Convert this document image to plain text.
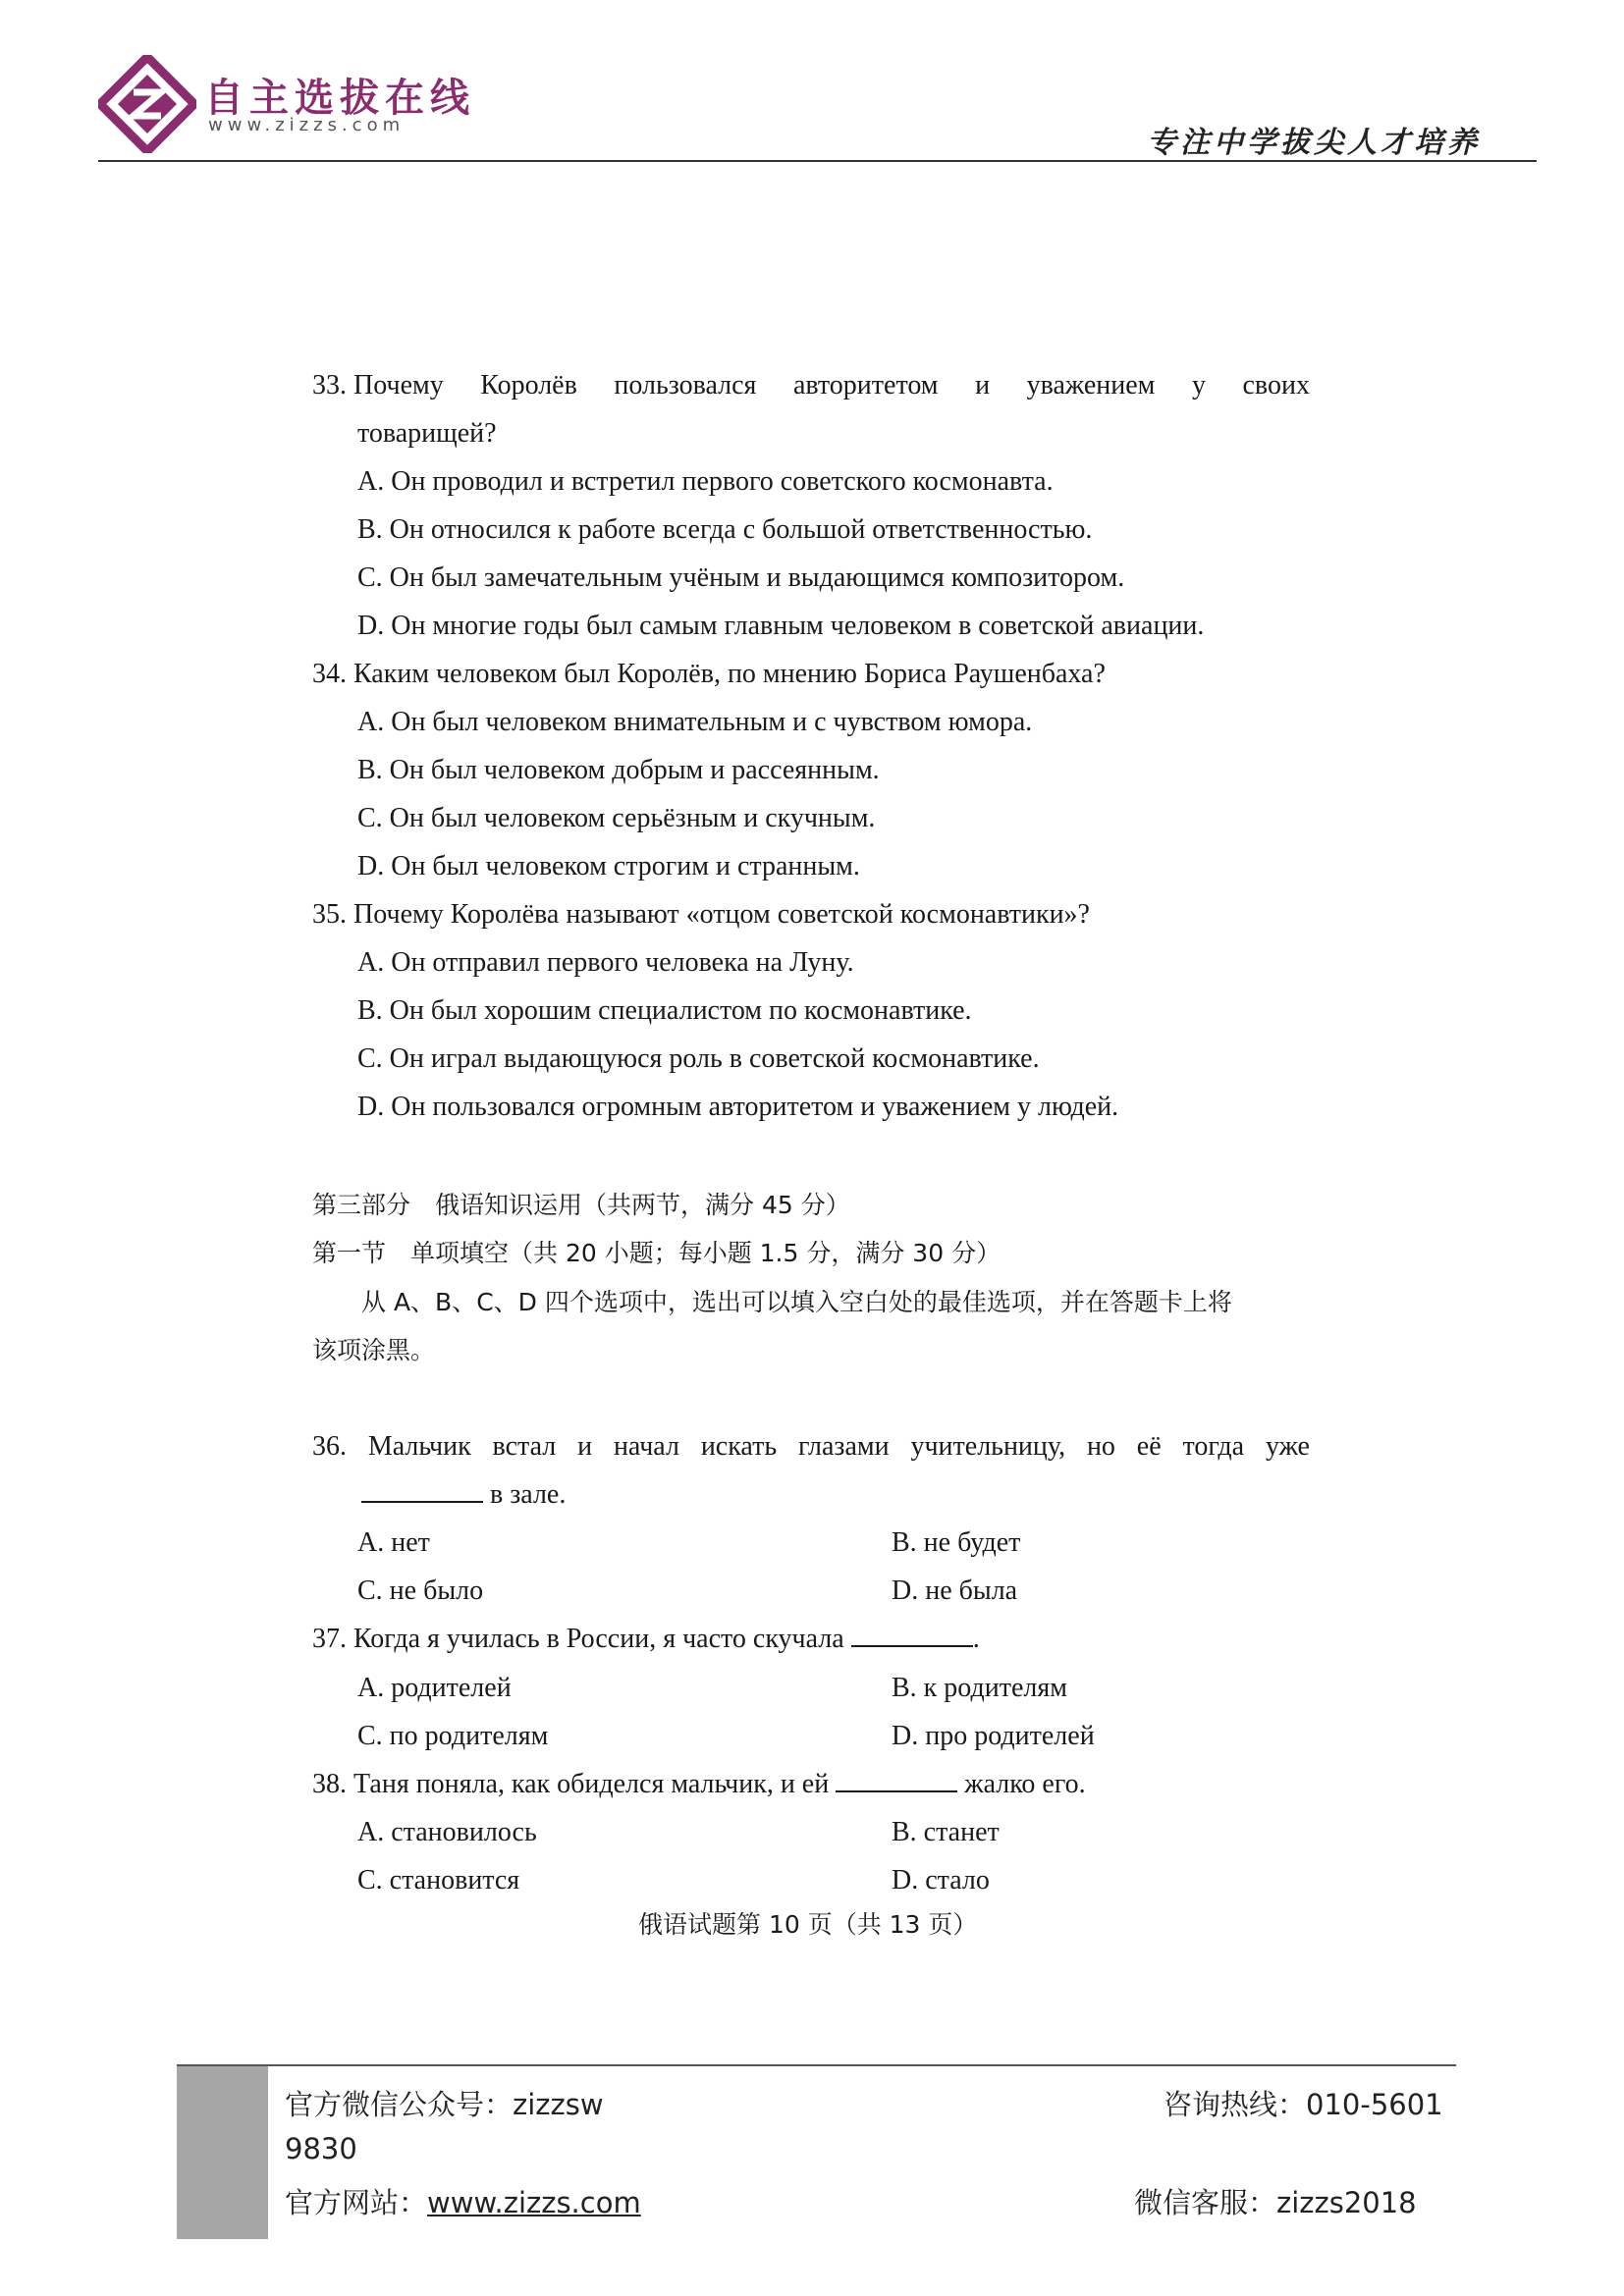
自主选拔在线
www.zizzs.com
专注中学拔尖人才培养
33. Почему Королёв пользовался авторитетом и уважением у своих
товарищей?
A. Он проводил и встретил первого советского космонавта.
B. Он относился к работе всегда с большой ответственностью.
C. Он был замечательным учёным и выдающимся композитором.
D. Он многие годы был самым главным человеком в советской авиации.
34. Каким человеком был Королёв, по мнению Бориса Раушенбаха?
A. Он был человеком внимательным и с чувством юмора.
B. Он был человеком добрым и рассеянным.
C. Он был человеком серьёзным и скучным.
D. Он был человеком строгим и странным.
35. Почему Королёва называют «отцом советской космонавтики»?
A. Он отправил первого человека на Луну.
B. Он был хорошим специалистом по космонавтике.
C. Он играл выдающуюся роль в советской космонавтике.
D. Он пользовался огромным авторитетом и уважением у людей.
第三部分　俄语知识运用（共两节，满分 45 分）
第一节　单项填空（共 20 小题；每小题 1.5 分，满分 30 分）
从 A、B、C、D 四个选项中，选出可以填入空白处的最佳选项，并在答题卡上将
该项涂黑。
36. Мальчик встал и начал искать глазами учительницу, но её тогда уже
в зале.
A. нет	B. не будет
C. не было	D. не была
37. Когда я училась в России, я часто скучала	.
A. родителей	B. к родителям
C. по родителям	D. про родителей
38. Таня поняла, как обиделся мальчик, и ей	жалко его.
A. становилось	B. станет
C. становится	D. стало
俄语试题第 10 页（共 13 页）
官方微信公众号：zizzsw	咨询热线：010-5601
9830
官方网站：www.zizzs.com	微信客服：zizzs2018
